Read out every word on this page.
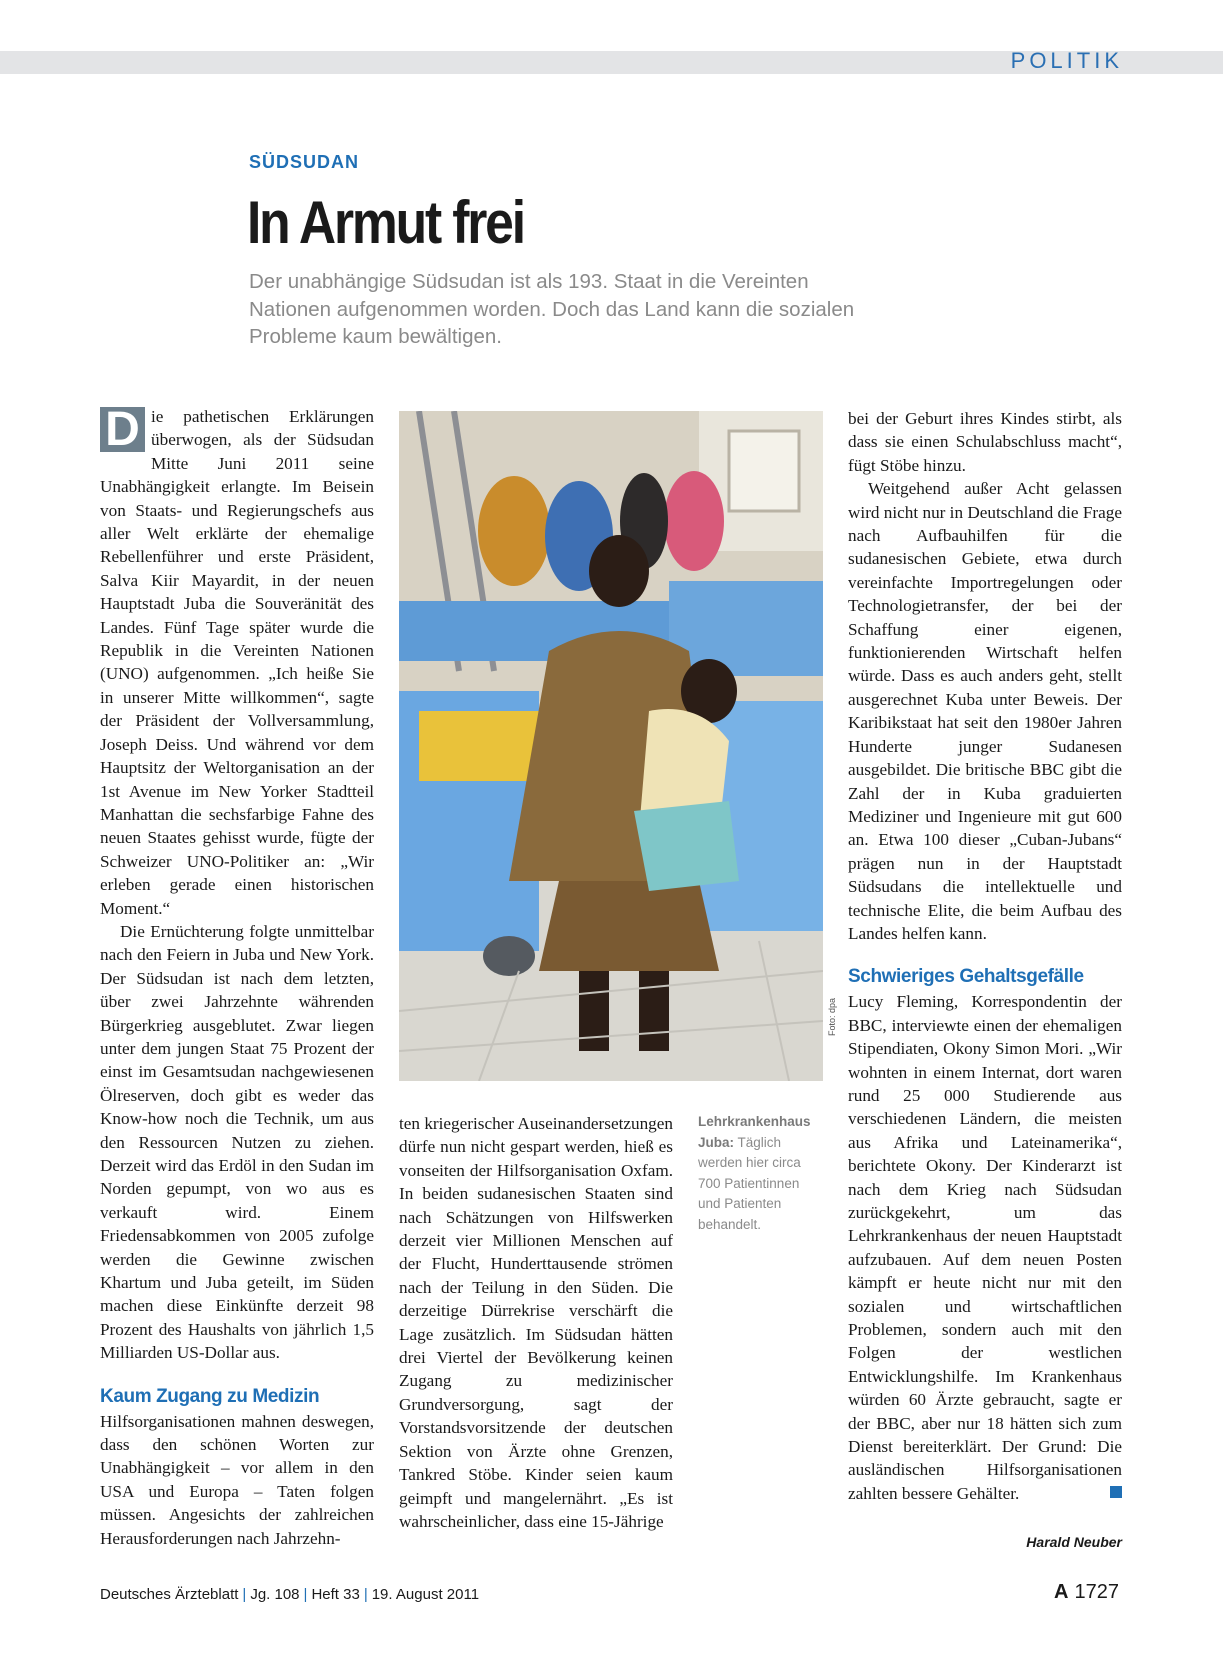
POLITIK
SÜDSUDAN
In Armut frei

Der unabhängige Südsudan ist als 193. Staat in die Vereinten Nationen aufgenommen worden. Doch das Land kann die sozialen Probleme kaum bewältigen.

D ie pathetischen Erklärungen überwogen, als der Südsudan Mitte Juni 2011 seine Unabhängigkeit erlangte. Im Beisein von Staats- und Regierungschefs aus aller Welt erklärte der ehemalige Rebellenführer und erste Präsident, Salva Kiir Mayardit, in der neuen Hauptstadt Juba die Souveränität des Landes. Fünf Tage später wurde die Republik in die Vereinten Nationen (UNO) aufgenommen. „Ich heiße Sie in unserer Mitte willkommen“, sagte der Präsident der Vollversammlung, Joseph Deiss. Und während vor dem Hauptsitz der Weltorganisation an der 1st Avenue im New Yorker Stadtteil Manhattan die sechsfarbige Fahne des neuen Staates gehisst wurde, fügte der Schweizer UNO-Politiker an: „Wir erleben gerade einen historischen Moment.“

Die Ernüchterung folgte unmittelbar nach den Feiern in Juba und New York. Der Südsudan ist nach dem letzten, über zwei Jahrzehnte währenden Bürgerkrieg ausgeblutet. Zwar liegen unter dem jungen Staat 75 Prozent der einst im Gesamtsudan nachgewiesenen Ölreserven, doch gibt es weder das Know-how noch die Technik, um aus den Ressourcen Nutzen zu ziehen. Derzeit wird das Erdöl in den Sudan im Norden gepumpt, von wo aus es verkauft wird. Einem Friedensabkommen von 2005 zufolge werden die Gewinne zwischen Khartum und Juba geteilt, im Süden machen diese Einkünfte derzeit 98 Prozent des Haushalts von jährlich 1,5 Milliarden US-Dollar aus.

Kaum Zugang zu Medizin

Hilfsorganisationen mahnen deswegen, dass den schönen Worten zur Unabhängigkeit – vor allem in den USA und Europa – Taten folgen müssen. Angesichts der zahlreichen Herausforderungen nach Jahrzehn-

Foto: dpa
Lehrkrankenhaus Juba: Täglich werden hier circa 700 Patientinnen und Patienten behandelt.

ten kriegerischer Auseinandersetzungen dürfe nun nicht gespart werden, hieß es vonseiten der Hilfsorganisation Oxfam. In beiden sudanesischen Staaten sind nach Schätzungen von Hilfswerken derzeit vier Millionen Menschen auf der Flucht, Hunderttausende strömen nach der Teilung in den Süden. Die derzeitige Dürrekrise verschärft die Lage zusätzlich. Im Südsudan hätten drei Viertel der Bevölkerung keinen Zugang zu medizinischer Grundversorgung, sagt der Vorstandsvorsitzende der deutschen Sektion von Ärzte ohne Grenzen, Tankred Stöbe. Kinder seien kaum geimpft und mangelernährt. „Es ist wahrscheinlicher, dass eine 15-Jährige

bei der Geburt ihres Kindes stirbt, als dass sie einen Schulabschluss macht“, fügt Stöbe hinzu.

Weitgehend außer Acht gelassen wird nicht nur in Deutschland die Frage nach Aufbauhilfen für die sudanesischen Gebiete, etwa durch vereinfachte Importregelungen oder Technologietransfer, der bei der Schaffung einer eigenen, funktionierenden Wirtschaft helfen würde. Dass es auch anders geht, stellt ausgerechnet Kuba unter Beweis. Der Karibikstaat hat seit den 1980er Jahren Hunderte junger Sudanesen ausgebildet. Die britische BBC gibt die Zahl der in Kuba graduierten Mediziner und Ingenieure mit gut 600 an. Etwa 100 dieser „Cuban-Jubans“ prägen nun in der Hauptstadt Südsudans die intellektuelle und technische Elite, die beim Aufbau des Landes helfen kann.

Schwieriges Gehaltsgefälle

Lucy Fleming, Korrespondentin der BBC, interviewte einen der ehemaligen Stipendiaten, Okony Simon Mori. „Wir wohnten in einem Internat, dort waren rund 25 000 Studierende aus verschiedenen Ländern, die meisten aus Afrika und Lateinamerika“, berichtete Okony. Der Kinderarzt ist nach dem Krieg nach Südsudan zurückgekehrt, um das Lehrkrankenhaus der neuen Hauptstadt aufzubauen. Auf dem neuen Posten kämpft er heute nicht nur mit den sozialen und wirtschaftlichen Problemen, sondern auch mit den Folgen der westlichen Entwicklungshilfe. Im Krankenhaus würden 60 Ärzte gebraucht, sagte er der BBC, aber nur 18 hätten sich zum Dienst bereiterklärt. Der Grund: Die ausländischen Hilfsorganisationen zahlten bessere Gehälter.

Harald Neuber
Deutsches Ärzteblatt | Jg. 108 | Heft 33 | 19. August 2011	A 1727
